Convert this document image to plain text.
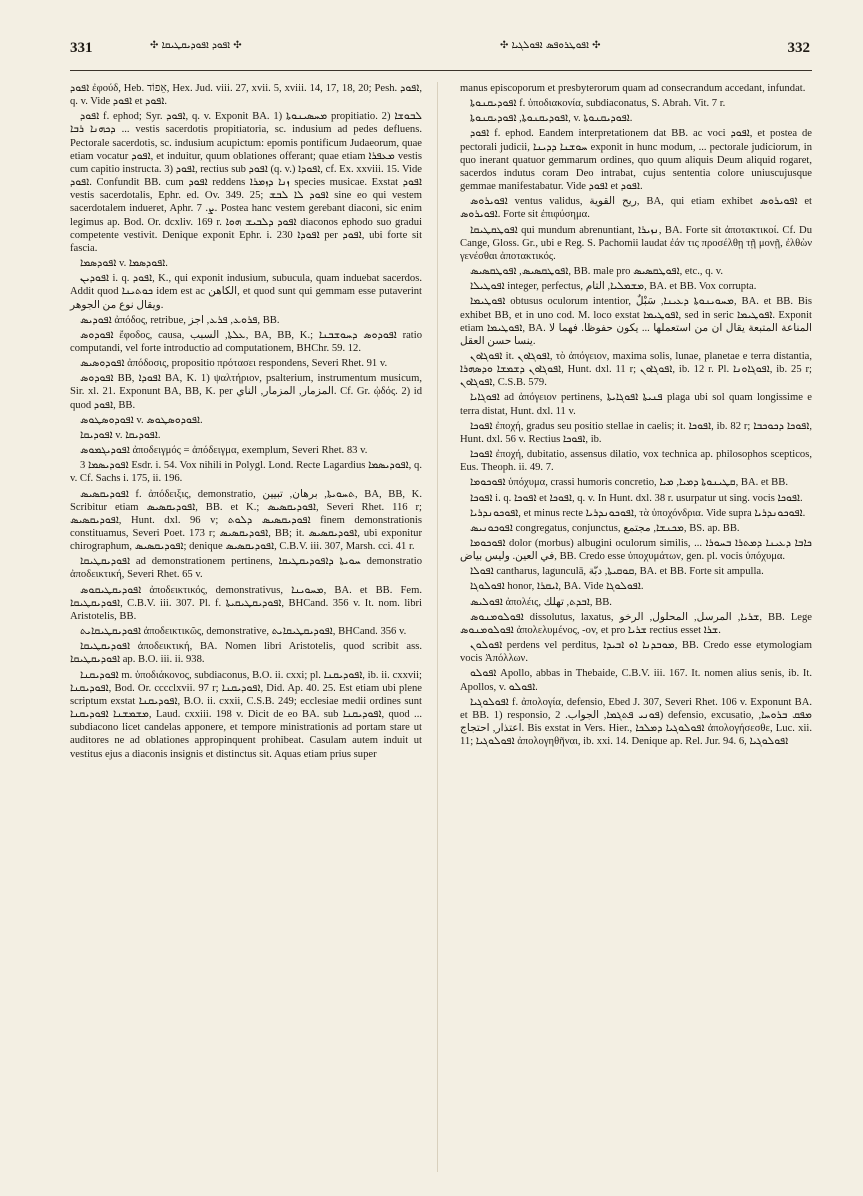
331	✣ ܐܦܘܕ ܐܦܘܕܝܩܛܝܩܐ ✣	✣ ܐܦܘܛܪܘܦܣ ܐܦܘܠܓܝܐ ✣	332

ܐܦܘܕ ἐφούδ, Heb. אֵפוֹד, Hex. Jud. viii. 27, xvii. 5, xviii. 14, 17, 18, 20; Pesh. ܐܦܘܕ, q. v. Vide ܐܦܘܕ et ܐܦܘܕ.

ܐܦܘܕ f. ephod; Syr. ܐܦܘܕ, q. v. Exponit BA. 1) ܡܚܣܝܢܘܬܐ propitiatio. 2) ܠܒܘܫܐ ܕܟܗܢܐ ܪܒܐ ... vestis sacerdotis propitiatoria, sc. indusium ad pedes defluens. Pectorale sacerdotis, sc. indusium acupictum: epomis pontificum Judaeorum, quae etiam vocatur ܐܦܘܕ, et induitur, quum oblationes offerant; quae etiam ܡܥܦܪܐ vestis cum capitio instructa. 3) ܐܦܘܕ, rectius sub ܐܦܘܕ (q. v.) ܐܦܘܕܐ, cf. Ex. xxviii. 15. Vide ܐܦܘܕ. Confundit BB. cum ܐܦܘܕ reddens ܙܢܐ ܕܙܡܪܐ species musicae. Exstat ܐܦܘܕ vestis sacerdotalis, Ephr. ed. Ov. 349. 25; ܐܦܘܕ ܠܐ ܠܒܫ sine eo qui vestem sacerdotalem indueret, Aphr. ܨ. 7. Postea hanc vestem gerebant diaconi, sic enim legimus ap. Bod. Or. dcxliv. 169 r. ܐܦܘܕ ܕܠܒܝܫ ܗܘܐ diaconos ephodo suo gradui competente vestivit. Denique exponit Ephr. i. 230 ܐܦܘܕܐ per ܐܦܘܕ, ubi forte sit fascia.

ܐܦܘܕܣܡܐ v. ܐܦܘܕܣܡܐ.

ܐܦܘܕܝܢ i. q. ܐܦܘܕ, K., qui exponit indusium, subucula, quam induebat sacerdos. Addit quod ܟܘܬܝܢܐ idem est ac الكاهن, et quod sunt qui gemmam esse putaverint ويقال نوع من الجوهر.

ܐܦܘܕܝܣ ἀπόδος, retribue, ܦܪܘܥ, ܦܪܥ, اجز, BB.

ܐܦܘܕܘܣ ἔφοδος, causa, ܥܠܬܐ, السبب, BA, BB, K.; ܐܦܘܕܘܣ ܕܚܘܫܒܢܐ ratio computandi, vel forte introductio ad computationem, BHChr. 59. 12.

ܐܦܘܕܘܣܝܣ ἀπόδοσις, propositio πρότασει respondens, Severi Rhet. 91 v.

ܐܦܘܕܘܣ BB, ܐܦܘܕܐ BA, K. 1) ψαλτήριον, psalterium, instrumentum musicum, Sir. xl. 21. Exponunt BA, BB, K. per المزمار, المزمار, الناي. Cf. Gr. ᾠδός. 2) id quod ܐܦܘܕ, BB.

ܐܦܘܕܘܣܛܘܣ v. ܐܦܘܕܘܣܛܘܣ.

ܐܦܘܕܝܩܐ v. ܐܦܘܕܝܩܐ.

ܐܦܘܕܝܓܡܘܣ ἀποδειγμός = ἀπόδειγμα, exemplum, Severi Rhet. 83 v.

ܐܦܘܕܝܣܡܐ 3 Esdr. i. 54. Vox nihili in Polygl. Lond. Recte Lagardius ܐܦܘܕܝܣܡܐ, q. v. Cf. Sachs i. 175, ii. 196.

ܐܦܘܕܝܩܣܝܣ f. ἀπόδειξις, demonstratio, ܬܚܘܝܬܐ, برهان, تبيين, BA, BB, K. Scribitur etiam ܐܦܘܕܝܩܣܝܣ, BB. et K.; ܐܦܘܕܝܩܣܝܣ, Severi Rhet. 116 r; ܐܦܘܕܝܩܣܝܣ, Hunt. dxl. 96 v; ܐܦܘܕܝܩܣܝܣ ܕܠܘܬ finem demonstrationis constituamus, Severi Poet. 173 r; ܐܦܘܕܝܩܣܝܣ, BB; it. ܐܦܘܕܝܩܣܝܣ, ubi exponitur chirographum, ܐܦܘܕܝܩܣܝܣ; denique ܐܦܘܕܝܩܣܝܣ, C.B.V. iii. 307, Marsh. cci. 41 r.

ܐܦܘܕܝܩܛܝܩܐ ad demonstrationem pertinens, ܚܘܝܬܐ ܕܐܦܘܕܝܩܛܝܩܐ demonstratio ἀποδεικτική, Severi Rhet. 65 v.

ܐܦܘܕܝܩܛܝܩܘܣ ἀποδεικτικός, demonstrativus, ܡܚܘܝܢܐ, BA. et BB. Fem. ܐܦܘܕܝܩܛܝܩܐ, C.B.V. iii. 307. Pl. f. ܐܦܘܕܝܩܛܝܩܝܬܐ, BHCand. 356 v. It. nom. libri Aristotelis, BB.

ܐܦܘܕܝܩܛܝܩܐܝܬ ἀποδεικτικῶς, demonstrative, ܐܦܘܕܝܩܛܝܩܐܝܬ, BHCand. 356 v.

ܐܦܘܕܝܩܛܝܩܐ ἀποδεικτική, BA. Nomen libri Aristotelis, quod scribit ass. ܐܦܘܕܝܩܛܝܩܐ ap. B.O. iii. ii. 938.

ܐܦܘܕܝܩܢܐ m. ὑποδιάκονος, subdiaconus, B.O. ii. cxxi; pl. ܐܦܘܕܝܩܢܐ, ib. ii. cxxvii; ܐܦܘܕܝܩܢܐ, Bod. Or. cccclxvii. 97 r; ܐܦܘܕܝܩܢܐ, Did. Ap. 40. 25. Est etiam ubi plene scriptum exstat ܐܦܘܕܝܩܢܐ, B.O. ii. cxxii, C.S.B. 249; ecclesiae medii ordines sunt ܡܫܡܫܢܐ ܐܦܘܕܝܩܢܐ, Laud. cxxiii. 198 v. Dicit de eo BA. sub ܐܦܘܕܝܩܢܐ, quod ... subdiacono licet candelas apponere, et tempore ministrationis ad portam stare ut auditores ne ad oblationes appropinquent prohibeat. Casulam autem induit ut vestitus ejus a diaconis insignis et distinctus sit. Aquas etiam prius super

manus episcoporum et presbyterorum quam ad consecrandum accedant, infundat.

ܐܦܘܕܝܩܢܘܬܐ f. ὑποδιακονία, subdiaconatus, S. Abrah. Vit. 7 r.

ܐܦܘܕܝܩܢܘܬܐ, ܐܦܘܕܝܩܢܘܬܐ, v. ܐܦܘܕܝܩܢܘܬܐ.

ܐܦܘܕ f. ephod. Eandem interpretationem dat BB. ac voci ܐܦܘܕ, et postea de pectorali judicii, ܚܘܫܢܐ ܕܕܝܢܐ exponit in hunc modum, ... pectorale judiciorum, in quo inerant quatuor gemmarum ordines, quo quum aliquis Deum aliquid rogaret, sacerdos indutus coram Deo intrabat, cujus sententia colore uniuscujusque gemmae manifestabatur. Vide ܐܦܘܕ et ܐܦܘܕ.

ܐܦܘܝܪܘܣ ventus validus, ريح القوية, BA, qui etiam exhibet ܐܦܘܝܪܘܣ et ܐܦܘܝܪܘܣ. Forte sit ἐπιφύσημα.

ܐܦܘܛܩܛܝܩܐ qui mundum abrenuntiant, ܢܙܝܪܐ, BA. Forte sit ἀποτακτικοί. Cf. Du Cange, Gloss. Gr., ubi e Reg. S. Pachomii laudat ἐάν τις προσέλθῃ τῇ μονῇ, ἐλθὼν γενέσθαι ἀποτακτικός.

ܐܦܘܛܩܣܝܣ, ܐܦܘܛܩܣܝܣ, BB. male pro ܐܦܘܛܩܣܝܣ, etc., q. v.

ܐܦܘܛܝܠܐ integer, perfectus, ܡܫܡܠܝܐ, التام, BA. et BB. Vox corrupta.

ܐܦܘܛܝܡܐ obtusus oculorum intentior, ܡܚܘܝܢܘܬܐ ܕܥܝܢܐ, سَبْلٌ, BA. et BB. Bis exhibet BB, et in uno cod. M. loco exstat ܐܦܘܛܝܡܐ, sed in seric ܐܦܘܛܝܡܐ. Exponit etiam ܐܦܘܛܝܡܐ, BA. المناعة المتبعة يقال ان من استعملها ... يكون حفوظا. فهما لا ينسا حسن العقل.

ܐܦܘܓܐܘܢ it. ܐܦܘܓܐܘܢ, τὸ ἀπόγειον, maxima solis, lunae, planetae e terra distantia, ܐܦܘܓܐܘܢ ܕܫܡܫܐ ܘܕܣܗܪܐ, Hunt. dxl. 11 r; ܐܦܘܓܐܘܢ, ib. 12 r. Pl. ܐܦܘܓܐܘܢܐ, ib. 25 r; ܐܦܘܓܐܘܢ, C.S.B. 579.

ܐܦܘܓܐܝܐ ad ἀπόγειον pertinens, ܦܢܝܬܐ ܐܦܘܓܐܝܬܐ plaga ubi sol quam longissime e terra distat, Hunt. dxl. 11 v.

ܐܦܘܟܐ ἐποχή, gradus seu positio stellae in caelis; it. ܐܦܘܟܐ, ib. 82 r; ܐܦܘܟܐ ܕܟܘܟܒܐ, Hunt. dxl. 56 v. Rectius ܐܦܘܟܐ, ib.

ܐܦܘܟܐ ἐποχή, dubitatio, assensus dilatio, vox technica ap. philosophos scepticos, Eus. Theoph. ii. 49. 7.

ܐܦܘܟܘܡܐ ὑπόχυμα, crassi humoris concretio, ܩܛܝܢܘܬܐ ܕܡܝܐ, ܡܝܐ, BA. et BB.

ܐܦܘܟܐ i. q. ܐܦܘܟܐ et ܐܦܘܟܐ, q. v. In Hunt. dxl. 38 r. usurpatur ut sing. vocis ܐܦܘܟܐ.

ܐܦܘܟܘܢܕܪܝܐ, et minus recte ܐܦܘܟܘܢܕܪܝܐ, τὰ ὑποχόνδρια. Vide supra ܐܦܘܟܘܢܕܪܝܐ.

ܐܦܘܟܘܢܝܣ congregatus, conjunctus, ܡܟܢܫܐ, مجتمع, BS. ap. BB.

ܐܦܘܟܘܡܐ dolor (morbus) albugini oculorum similis, ... ܟܐܒܐ ܕܥܝܢܐ ܕܡܬܪܐ ܒܚܘܪܐ في العين. وليس بياض, BB. Credo esse ὑποχυμάτων, gen. pl. vocis ὑπόχυμα.

ܐܦܘܠܐ cantharus, lagunculā, ܩܘܩܝܬܐ, دبّة, BA. et BB. Forte sit ampulla.

ܐܦܘܠܘܓܐ honor, ܐܝܩܪܐ, BA. Vide ܐܦܘܠܘܓܐ.

ܐܦܘܠܝܣ ἀπολέις, ܐܒܕܬ, تهلك, BB.

ܐܦܘܠܘܡܢܘܣ dissolutus, laxatus, ܫܪܝܐ, المرسل, المحلول, الرخو, BB. Lege ܐܦܘܠܘܡܢܘܣ ἀπολελυμένος, -ov, et pro ܫܪܝܐ rectius esset ܫܪܐ.

ܐܦܘܠܘܢ perdens vel perditus, ܡܘܒܕܢܐ ܐܘ ܐܒܝܕܐ, BB. Credo esse etymologiam vocis Ἀπόλλων.

ܐܦܘܠܘ Apollo, abbas in Thebaide, C.B.V. iii. 167. It. nomen alius senis, ib. It. Apollos, v. ܐܦܘܠܘ.

ܐܦܘܠܘܓܝܐ f. ἀπολογία, defensio, Ebed J. 307, Severi Rhet. 106 v. Exponunt BA. et BB. 1) responsio, ܦܘܢܝ ܦܬܓܡܐ, الجواب. 2) defensio, excusatio, ܡܦܩ ܒܪܘܚܐ, اعتذار, احتجاج. Bis exstat in Vers. Hier., ܐܦܘܠܘܓܝܐ ܕܡܠܟܐ ἀπολογήσεσθε, Luc. xii. 11; ܐܦܘܠܘܓܝܐ ἀπολογηθῆναι, ib. xxi. 14. Denique ap. Rel. Jur. 94. 6, ܐܦܘܠܘܓܝܐ
